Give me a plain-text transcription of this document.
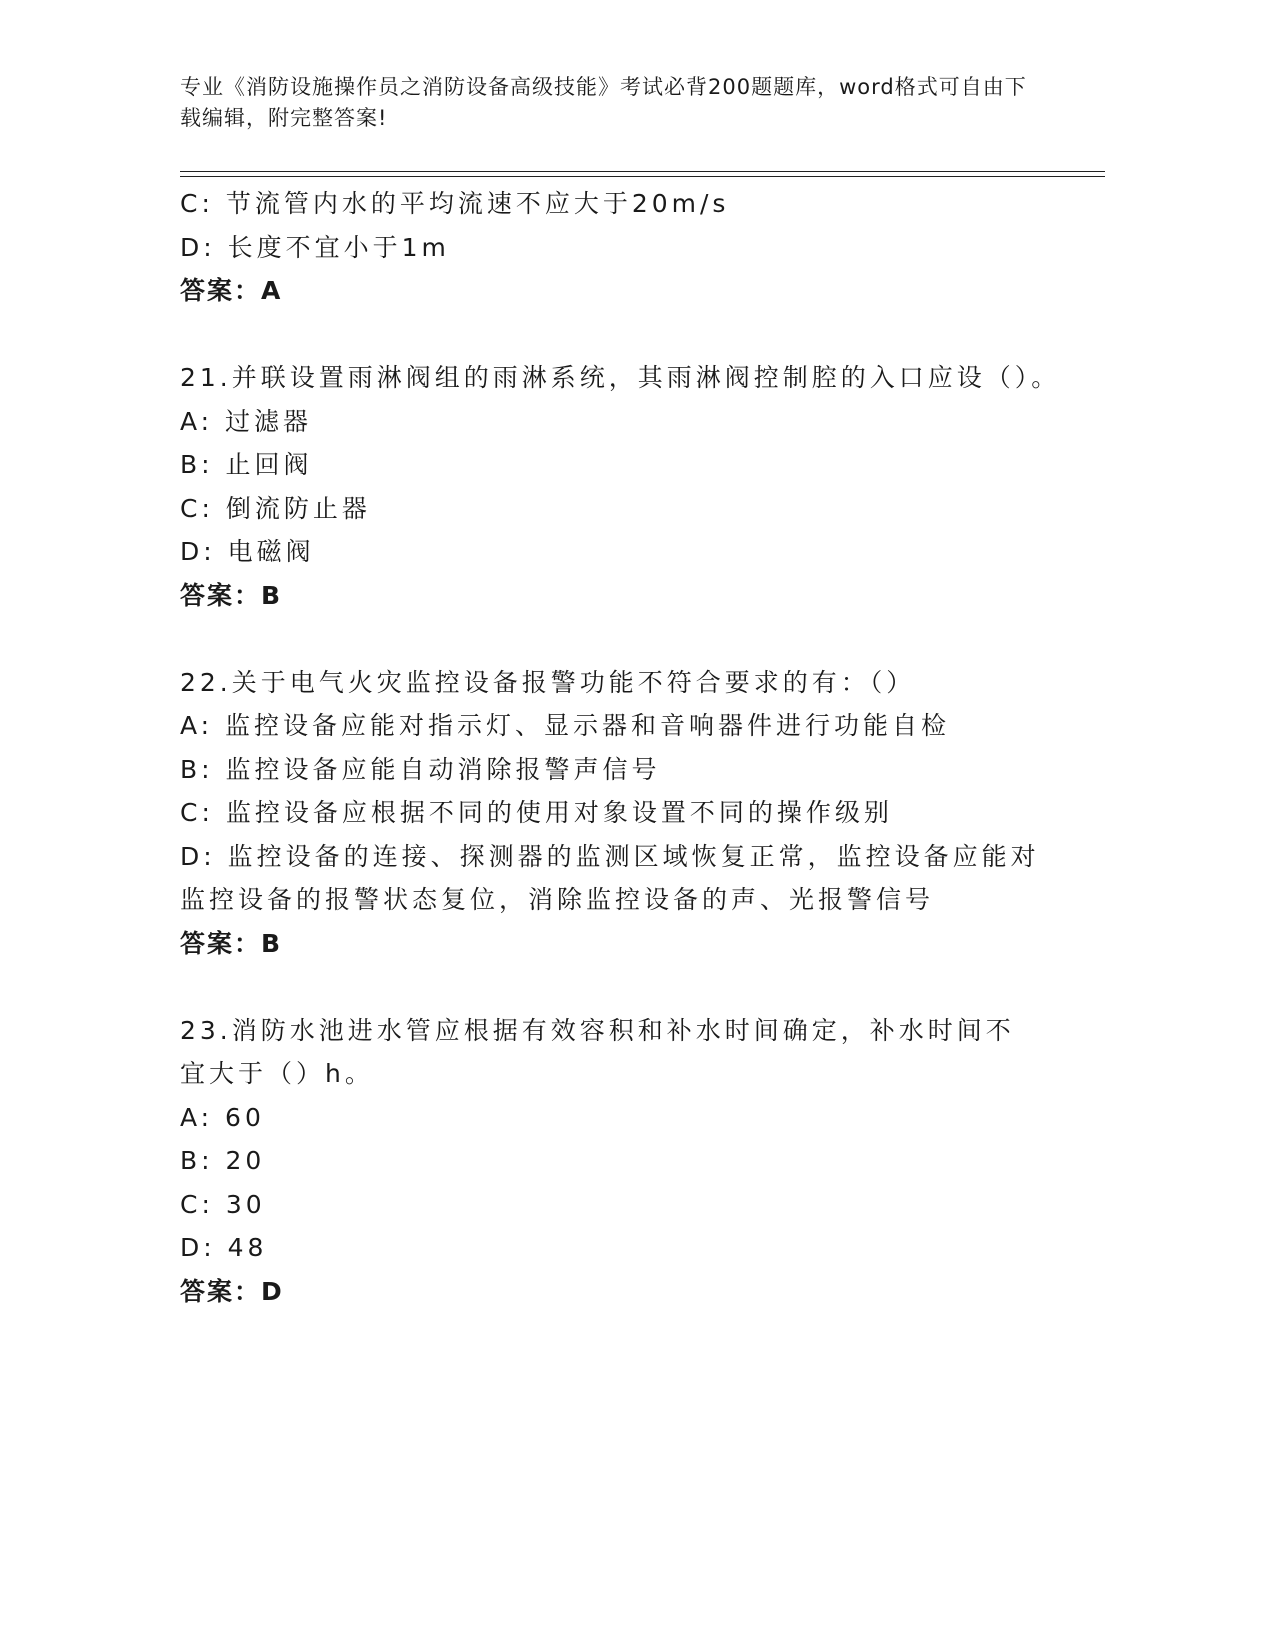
专业《消防设施操作员之消防设备高级技能》考试必背200题题库，word格式可自由下载编辑，附完整答案!
C: 节流管内水的平均流速不应大于20m/s
D: 长度不宜小于1m
答案：A
21.并联设置雨淋阀组的雨淋系统，其雨淋阀控制腔的入口应设（）。
A: 过滤器
B: 止回阀
C: 倒流防止器
D: 电磁阀
答案：B
22.关于电气火灾监控设备报警功能不符合要求的有：（）
A: 监控设备应能对指示灯、显示器和音响器件进行功能自检
B: 监控设备应能自动消除报警声信号
C: 监控设备应根据不同的使用对象设置不同的操作级别
D: 监控设备的连接、探测器的监测区域恢复正常，监控设备应能对监控设备的报警状态复位，消除监控设备的声、光报警信号
答案：B
23.消防水池进水管应根据有效容积和补水时间确定，补水时间不宜大于（）h。
A: 60
B: 20
C: 30
D: 48
答案：D
